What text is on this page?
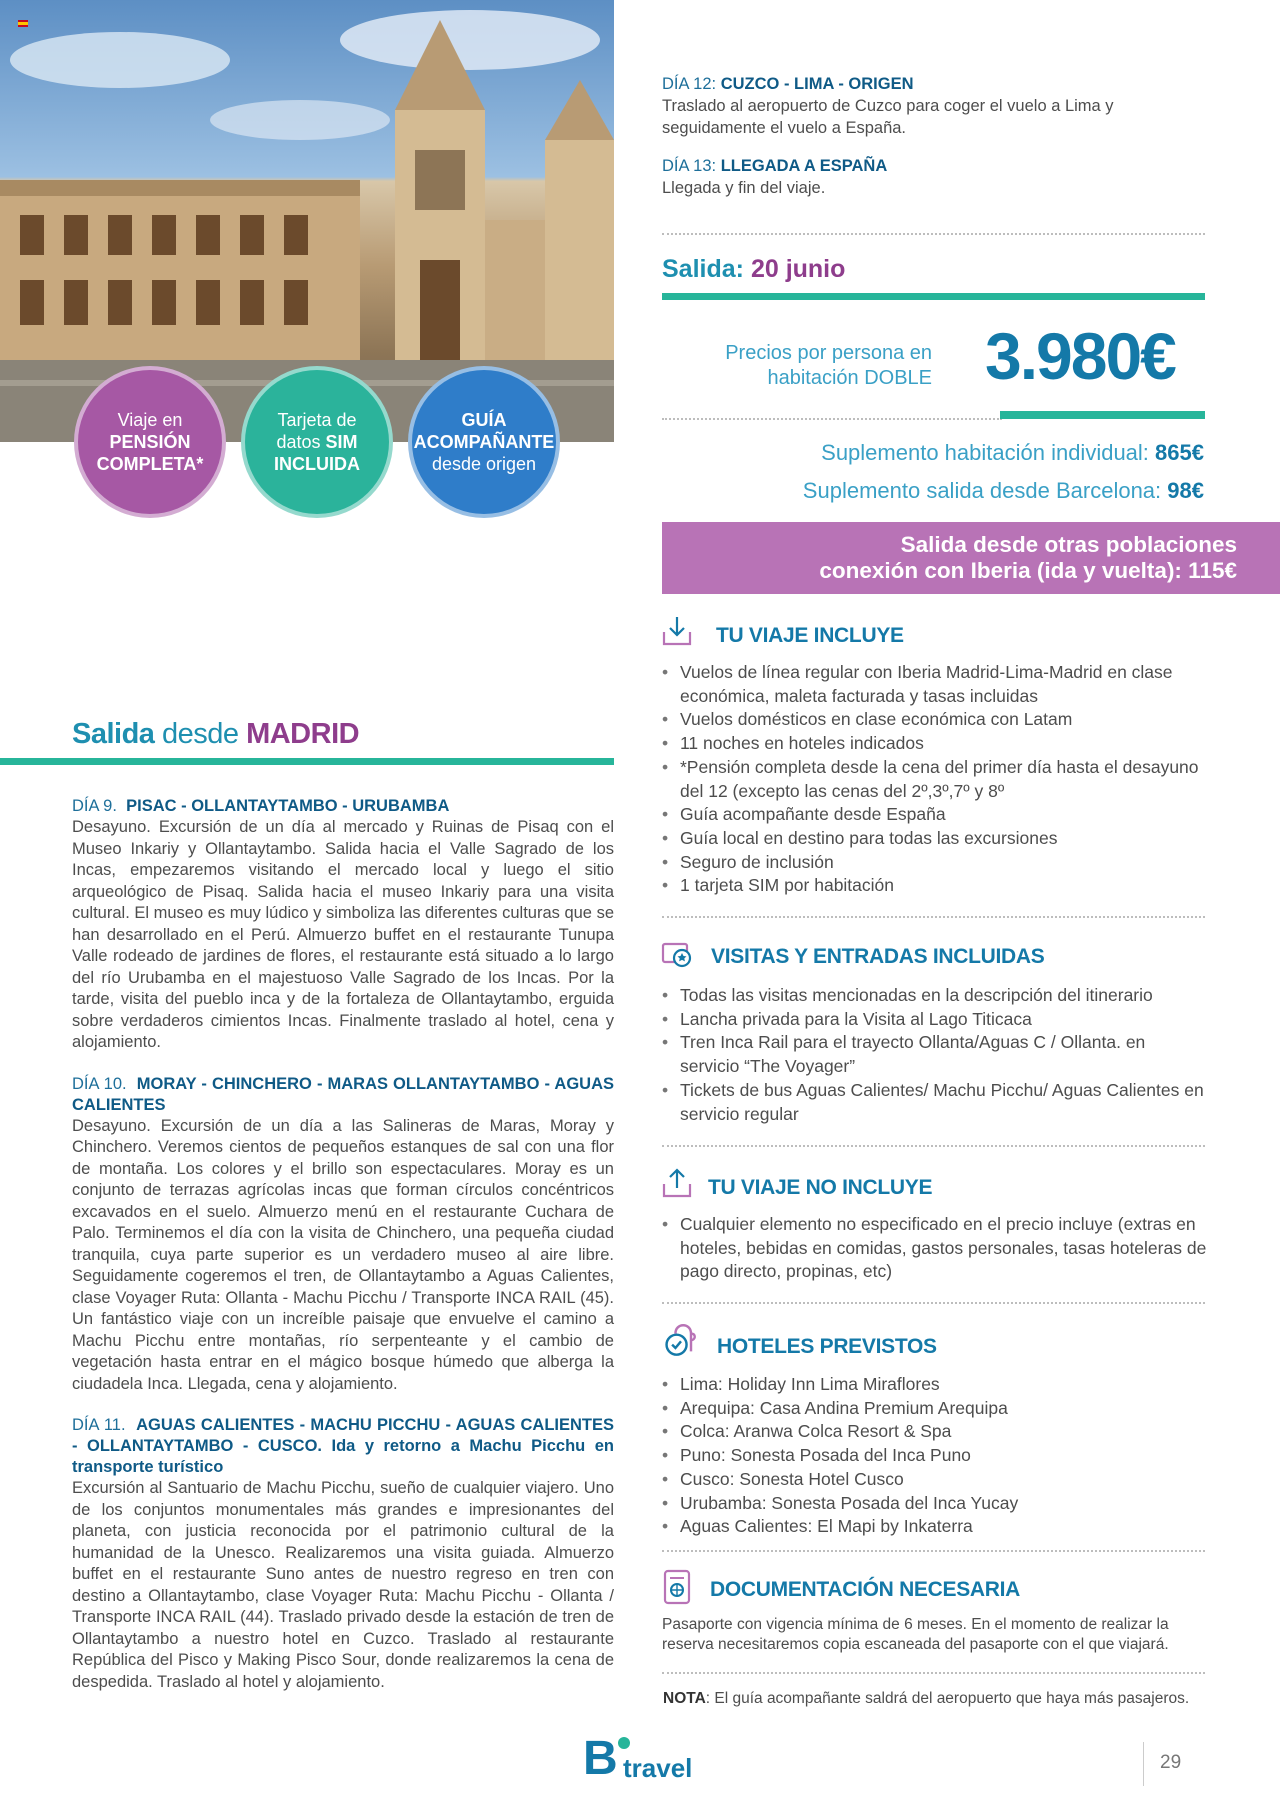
Viaje en
PENSIÓN
COMPLETA*
Tarjeta de
datos SIM
INCLUIDA
GUÍA
ACOMPAÑANTE
desde origen
Salida desde MADRID
DÍA 9. PISAC - OLLANTAYTAMBO - URUBAMBA

Desayuno. Excursión de un día al mercado y Ruinas de Pisaq con el Museo Inkariy y Ollantaytambo. Salida hacia el Valle Sagrado de los Incas, empezaremos visitando el mercado local y luego el sitio arqueológico de Pisaq. Salida hacia el museo Inkariy para una visita cultural. El museo es muy lúdico y simboliza las diferentes culturas que se han desarrollado en el Perú. Almuerzo buffet en el restaurante Tunupa Valle rodeado de jardines de flores, el restaurante está situado a lo largo del río Urubamba en el majestuoso Valle Sagrado de los Incas. Por la tarde, visita del pueblo inca y de la fortaleza de Ollantaytambo, erguida sobre verdaderos cimientos Incas. Finalmente traslado al hotel, cena y alojamiento.

DÍA 10. MORAY - CHINCHERO - MARAS OLLANTAYTAMBO - AGUAS CALIENTES

Desayuno. Excursión de un día a las Salineras de Maras, Moray y Chinchero. Veremos cientos de pequeños estanques de sal con una flor de montaña. Los colores y el brillo son espectaculares. Moray es un conjunto de terrazas agrícolas incas que forman círculos concéntricos excavados en el suelo. Almuerzo menú en el restaurante Cuchara de Palo. Terminemos el día con la visita de Chinchero, una pequeña ciudad tranquila, cuya parte superior es un verdadero museo al aire libre. Seguidamente cogeremos el tren, de Ollantaytambo a Aguas Calientes, clase Voyager Ruta: Ollanta - Machu Picchu / Transporte INCA RAIL (45). Un fantástico viaje con un increíble paisaje que envuelve el camino a Machu Picchu entre montañas, río serpenteante y el cambio de vegetación hasta entrar en el mágico bosque húmedo que alberga la ciudadela Inca. Llegada, cena y alojamiento.

DÍA 11. AGUAS CALIENTES - MACHU PICCHU - AGUAS CALIENTES - OLLANTAYTAMBO - CUSCO. Ida y retorno a Machu Picchu en transporte turístico

Excursión al Santuario de Machu Picchu, sueño de cualquier viajero. Uno de los conjuntos monumentales más grandes e impresionantes del planeta, con justicia reconocida por el patrimonio cultural de la humanidad de la Unesco. Realizaremos una visita guiada. Almuerzo buffet en el restaurante Suno antes de nuestro regreso en tren con destino a Ollantaytambo, clase Voyager Ruta: Machu Picchu - Ollanta / Transporte INCA RAIL (44). Traslado privado desde la estación de tren de Ollantaytambo a nuestro hotel en Cuzco. Traslado al restaurante República del Pisco y Making Pisco Sour, donde realizaremos la cena de despedida. Traslado al hotel y alojamiento.

DÍA 12: CUZCO - LIMA - ORIGEN

Traslado al aeropuerto de Cuzco para coger el vuelo a Lima y seguidamente el vuelo a España.

DÍA 13: LLEGADA A ESPAÑA

Llegada y fin del viaje.

Salida: 20 junio
Precios por persona en habitación DOBLE 3.980€
Suplemento habitación individual: 865€
Suplemento salida desde Barcelona: 98€
Salida desde otras poblaciones
conexión con Iberia (ida y vuelta): 115€
TU VIAJE INCLUYE
• Vuelos de línea regular con Iberia Madrid-Lima-Madrid en clase económica, maleta facturada y tasas incluidas
• Vuelos domésticos en clase económica con Latam
• 11 noches en hoteles indicados
• *Pensión completa desde la cena del primer día hasta el desayuno del 12 (excepto las cenas del 2º,3º,7º y 8º
• Guía acompañante desde España
• Guía local en destino para todas las excursiones
• Seguro de inclusión
• 1 tarjeta SIM por habitación
VISITAS Y ENTRADAS INCLUIDAS
• Todas las visitas mencionadas en la descripción del itinerario
• Lancha privada para la Visita al Lago Titicaca
• Tren Inca Rail para el trayecto Ollanta/Aguas C / Ollanta. en servicio “The Voyager”
• Tickets de bus Aguas Calientes/ Machu Picchu/ Aguas Calientes en servicio regular
TU VIAJE NO INCLUYE
• Cualquier elemento no especificado en el precio incluye (extras en hoteles, bebidas en comidas, gastos personales, tasas hoteleras de pago directo, propinas, etc)
HOTELES PREVISTOS
• Lima: Holiday Inn Lima Miraflores
• Arequipa: Casa Andina Premium Arequipa
• Colca: Aranwa Colca Resort & Spa
• Puno: Sonesta Posada del Inca Puno
• Cusco: Sonesta Hotel Cusco
• Urubamba: Sonesta Posada del Inca Yucay
• Aguas Calientes: El Mapi by Inkaterra
DOCUMENTACIÓN NECESARIA

Pasaporte con vigencia mínima de 6 meses. En el momento de realizar la reserva necesitaremos copia escaneada del pasaporte con el que viajará.

NOTA: El guía acompañante saldrá del aeropuerto que haya más pasajeros.
B travel	29
